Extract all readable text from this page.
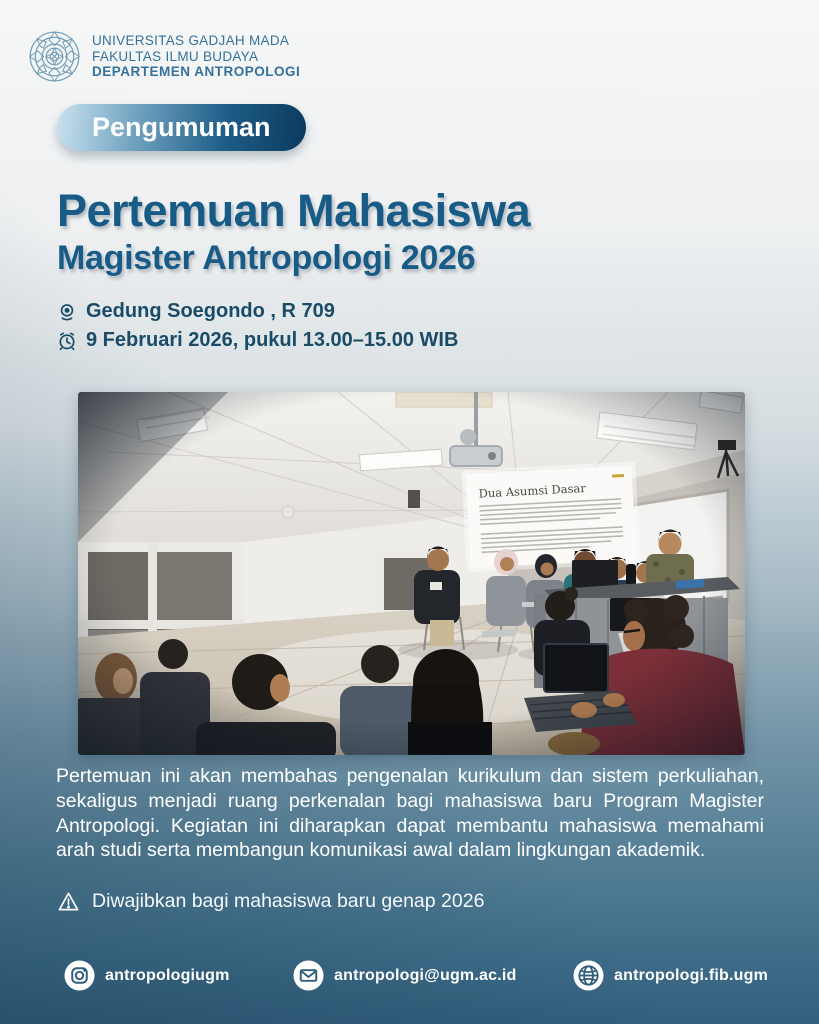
UNIVERSITAS GADJAH MADA
FAKULTAS ILMU BUDAYA
DEPARTEMEN ANTROPOLOGI
Pengumuman
Pertemuan Mahasiswa
Magister Antropologi 2026
Gedung Soegondo , R 709
9 Februari 2026, pukul 13.00–15.00 WIB

Pertemuan ini akan membahas pengenalan kurikulum dan sistem perkuliahan, sekaligus menjadi ruang perkenalan bagi mahasiswa baru Program Magister Antropologi. Kegiatan ini diharapkan dapat membantu mahasiswa memahami arah studi serta membangun komunikasi awal dalam lingkungan akademik.

Diwajibkan bagi mahasiswa baru genap 2026
antropologiugm	antropologi@ugm.ac.id	antropologi.fib.ugm
